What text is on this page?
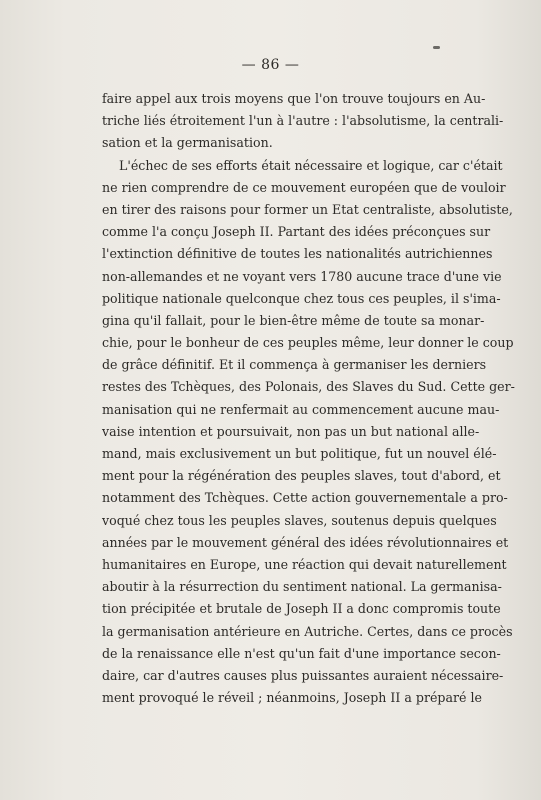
— 86 —
faire appel aux trois moyens que l'on trouve toujours en Au-
triche liés étroitement l'un à l'autre : l'absolutisme, la centrali-
sation et la germanisation.
L'échec de ses efforts était nécessaire et logique, car c'était
ne rien comprendre de ce mouvement européen que de vouloir
en tirer des raisons pour former un Etat centraliste, absolutiste,
comme l'a conçu Joseph II. Partant des idées préconçues sur
l'extinction définitive de toutes les nationalités autrichiennes
non-allemandes et ne voyant vers 1780 aucune trace d'une vie
politique nationale quelconque chez tous ces peuples, il s'ima-
gina qu'il fallait, pour le bien-être même de toute sa monar-
chie, pour le bonheur de ces peuples même, leur donner le coup
de grâce définitif. Et il commença à germaniser les derniers
restes des Tchèques, des Polonais, des Slaves du Sud. Cette ger-
manisation qui ne renfermait au commencement aucune mau-
vaise intention et poursuivait, non pas un but national alle-
mand, mais exclusivement un but politique, fut un nouvel élé-
ment pour la régénération des peuples slaves, tout d'abord, et
notamment des Tchèques. Cette action gouvernementale a pro-
voqué chez tous les peuples slaves, soutenus depuis quelques
années par le mouvement général des idées révolutionnaires et
humanitaires en Europe, une réaction qui devait naturellement
aboutir à la résurrection du sentiment national. La germanisa-
tion précipitée et brutale de Joseph II a donc compromis toute
la germanisation antérieure en Autriche. Certes, dans ce procès
de la renaissance elle n'est qu'un fait d'une importance secon-
daire, car d'autres causes plus puissantes auraient nécessaire-
ment provoqué le réveil ; néanmoins, Joseph II a préparé le
